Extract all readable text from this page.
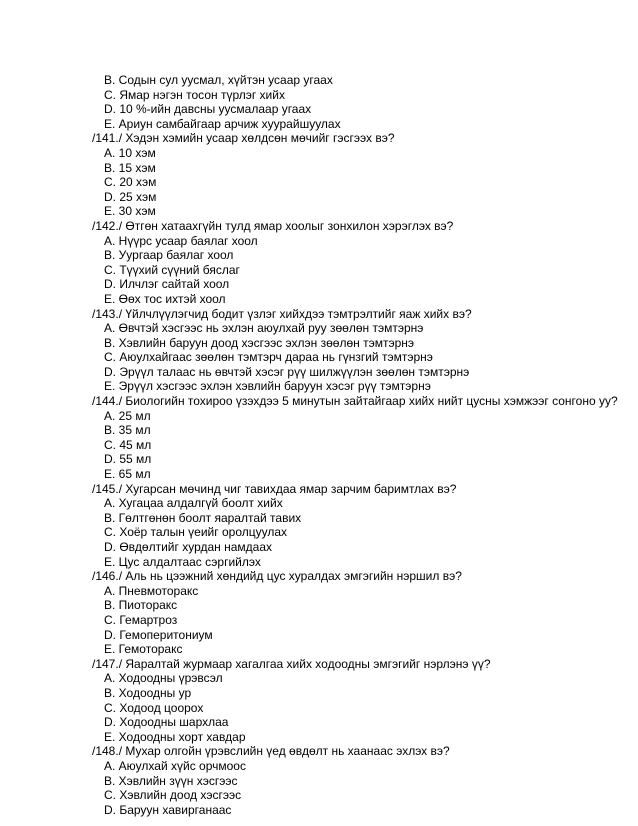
B. Содын сул уусмал, хүйтэн усаар угаах
C. Ямар нэгэн тосон түрлэг хийх
D. 10 %-ийн давсны уусмалаар угаах
E. Ариун самбайгаар арчиж хуурайшуулах
/141./ Хэдэн хэмийн усаар хөлдсөн мөчийг гэсгээх вэ?
A. 10 хэм
B. 15 хэм
C. 20 хэм
D. 25 хэм
E. 30 хэм
/142./ Өтгөн хатаахгүйн тулд ямар хоолыг зонхилон хэрэглэх вэ?
A. Нүүрс усаар баялаг хоол
B. Уургаар баялаг хоол
C. Түүхий сүүний бяслаг
D. Илчлэг сайтай хоол
E. Өөх тос ихтэй хоол
/143./ Үйлчлүүлэгчид бодит үзлэг хийхдээ тэмтрэлтийг яаж хийх вэ?
A. Өвчтэй хэсгээс нь эхлэн аюулхай руу зөөлөн тэмтэрнэ
B. Хэвлийн баруун доод хэсгээс эхлэн зөөлөн тэмтэрнэ
C. Аюулхайгаас зөөлөн тэмтэрч дараа нь гүнзгий тэмтэрнэ
D. Эрүүл талаас нь өвчтэй хэсэг рүү шилжүүлэн зөөлөн тэмтэрнэ
E. Эрүүл хэсгээс эхлэн хэвлийн баруун хэсэг рүү тэмтэрнэ
/144./ Биологийн тохироо үзэхдээ 5 минутын зайтайгаар хийх нийт цусны хэмжээг сонгоно уу?
A. 25 мл
B. 35 мл
C. 45 мл
D. 55 мл
E. 65 мл
/145./ Хугарсан мөчинд чиг тавихдаа ямар зарчим баримтлах вэ?
A. Хугацаа алдалгүй боолт хийх
B. Гөлтгөнөн боолт яаралтай тавих
C. Хоёр талын үеийг оролцуулах
D. Өвдөлтийг хурдан намдаах
E. Цус алдалтаас сэргийлэх
/146./ Аль нь цээжний хөндийд цус хуралдах эмгэгийн нэршил вэ?
A. Пневмоторакс
B. Пиоторакс
C. Гемартроз
D. Гемоперитониум
E. Гемоторакс
/147./ Яаралтай журмаар хагалгаа хийх ходоодны эмгэгийг нэрлэнэ үү?
A. Ходоодны үрэвсэл
B. Ходоодны ур
C. Ходоод цоорох
D. Ходоодны шархлаа
E. Ходоодны хорт хавдар
/148./ Мухар олгойн үрэвслийн үед өвдөлт нь хаанаас эхлэх вэ?
A. Аюулхай хүйс орчмоос
B. Хэвлийн зүүн хэсгээс
C. Хэвлийн доод хэсгээс
D. Баруун хавирганаас
